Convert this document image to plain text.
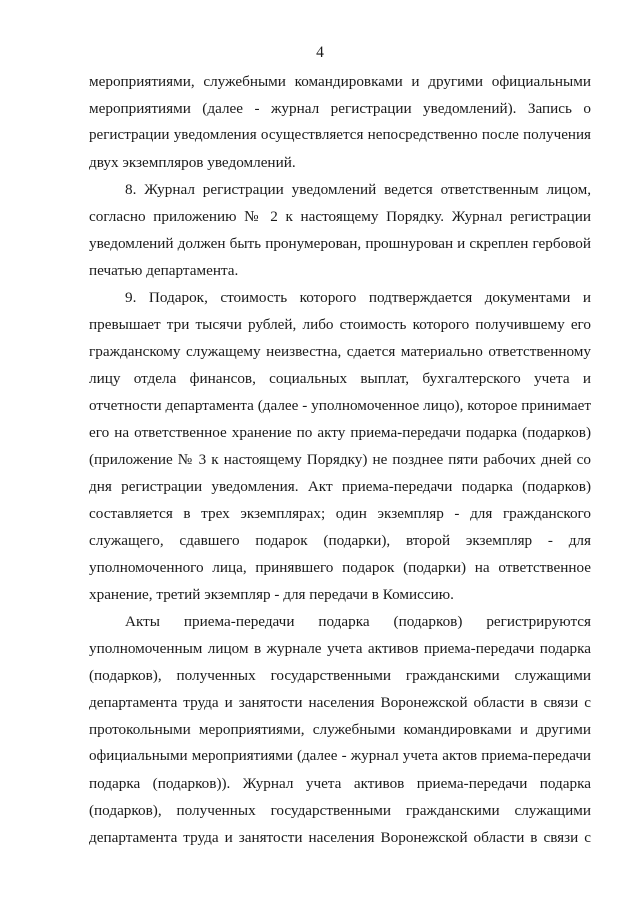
4
мероприятиями, служебными командировками и другими официальными
мероприятиями (далее - журнал регистрации уведомлений). Запись о
регистрации уведомления осуществляется непосредственно после получения
двух экземпляров уведомлений.
8. Журнал регистрации уведомлений ведется ответственным лицом,
согласно приложению № 2 к настоящему Порядку. Журнал регистрации
уведомлений должен быть пронумерован, прошнурован и скреплен гербовой
печатью департамента.
9. Подарок, стоимость которого подтверждается документами и
превышает три тысячи рублей, либо стоимость которого получившему его
гражданскому служащему неизвестна, сдается материально ответственному
лицу отдела финансов, социальных выплат, бухгалтерского учета и
отчетности департамента (далее - уполномоченное лицо), которое принимает
его на ответственное хранение по акту приема-передачи подарка (подарков)
(приложение № 3 к настоящему Порядку) не позднее пяти рабочих дней со
дня регистрации уведомления. Акт приема-передачи подарка (подарков)
составляется в трех экземплярах; один экземпляр - для гражданского
служащего, сдавшего подарок (подарки), второй экземпляр - для
уполномоченного лица, принявшего подарок (подарки) на ответственное
хранение, третий экземпляр - для передачи в Комиссию.
Акты приема-передачи подарка (подарков) регистрируются
уполномоченным лицом в журнале учета активов приема-передачи подарка
(подарков), полученных государственными гражданскими служащими
департамента труда и занятости населения Воронежской области в связи с
протокольными мероприятиями, служебными командировками и другими
официальными мероприятиями (далее - журнал учета актов приема-передачи
подарка (подарков)). Журнал учета активов приема-передачи подарка
(подарков), полученных государственными гражданскими служащими
департамента труда и занятости населения Воронежской области в связи с
